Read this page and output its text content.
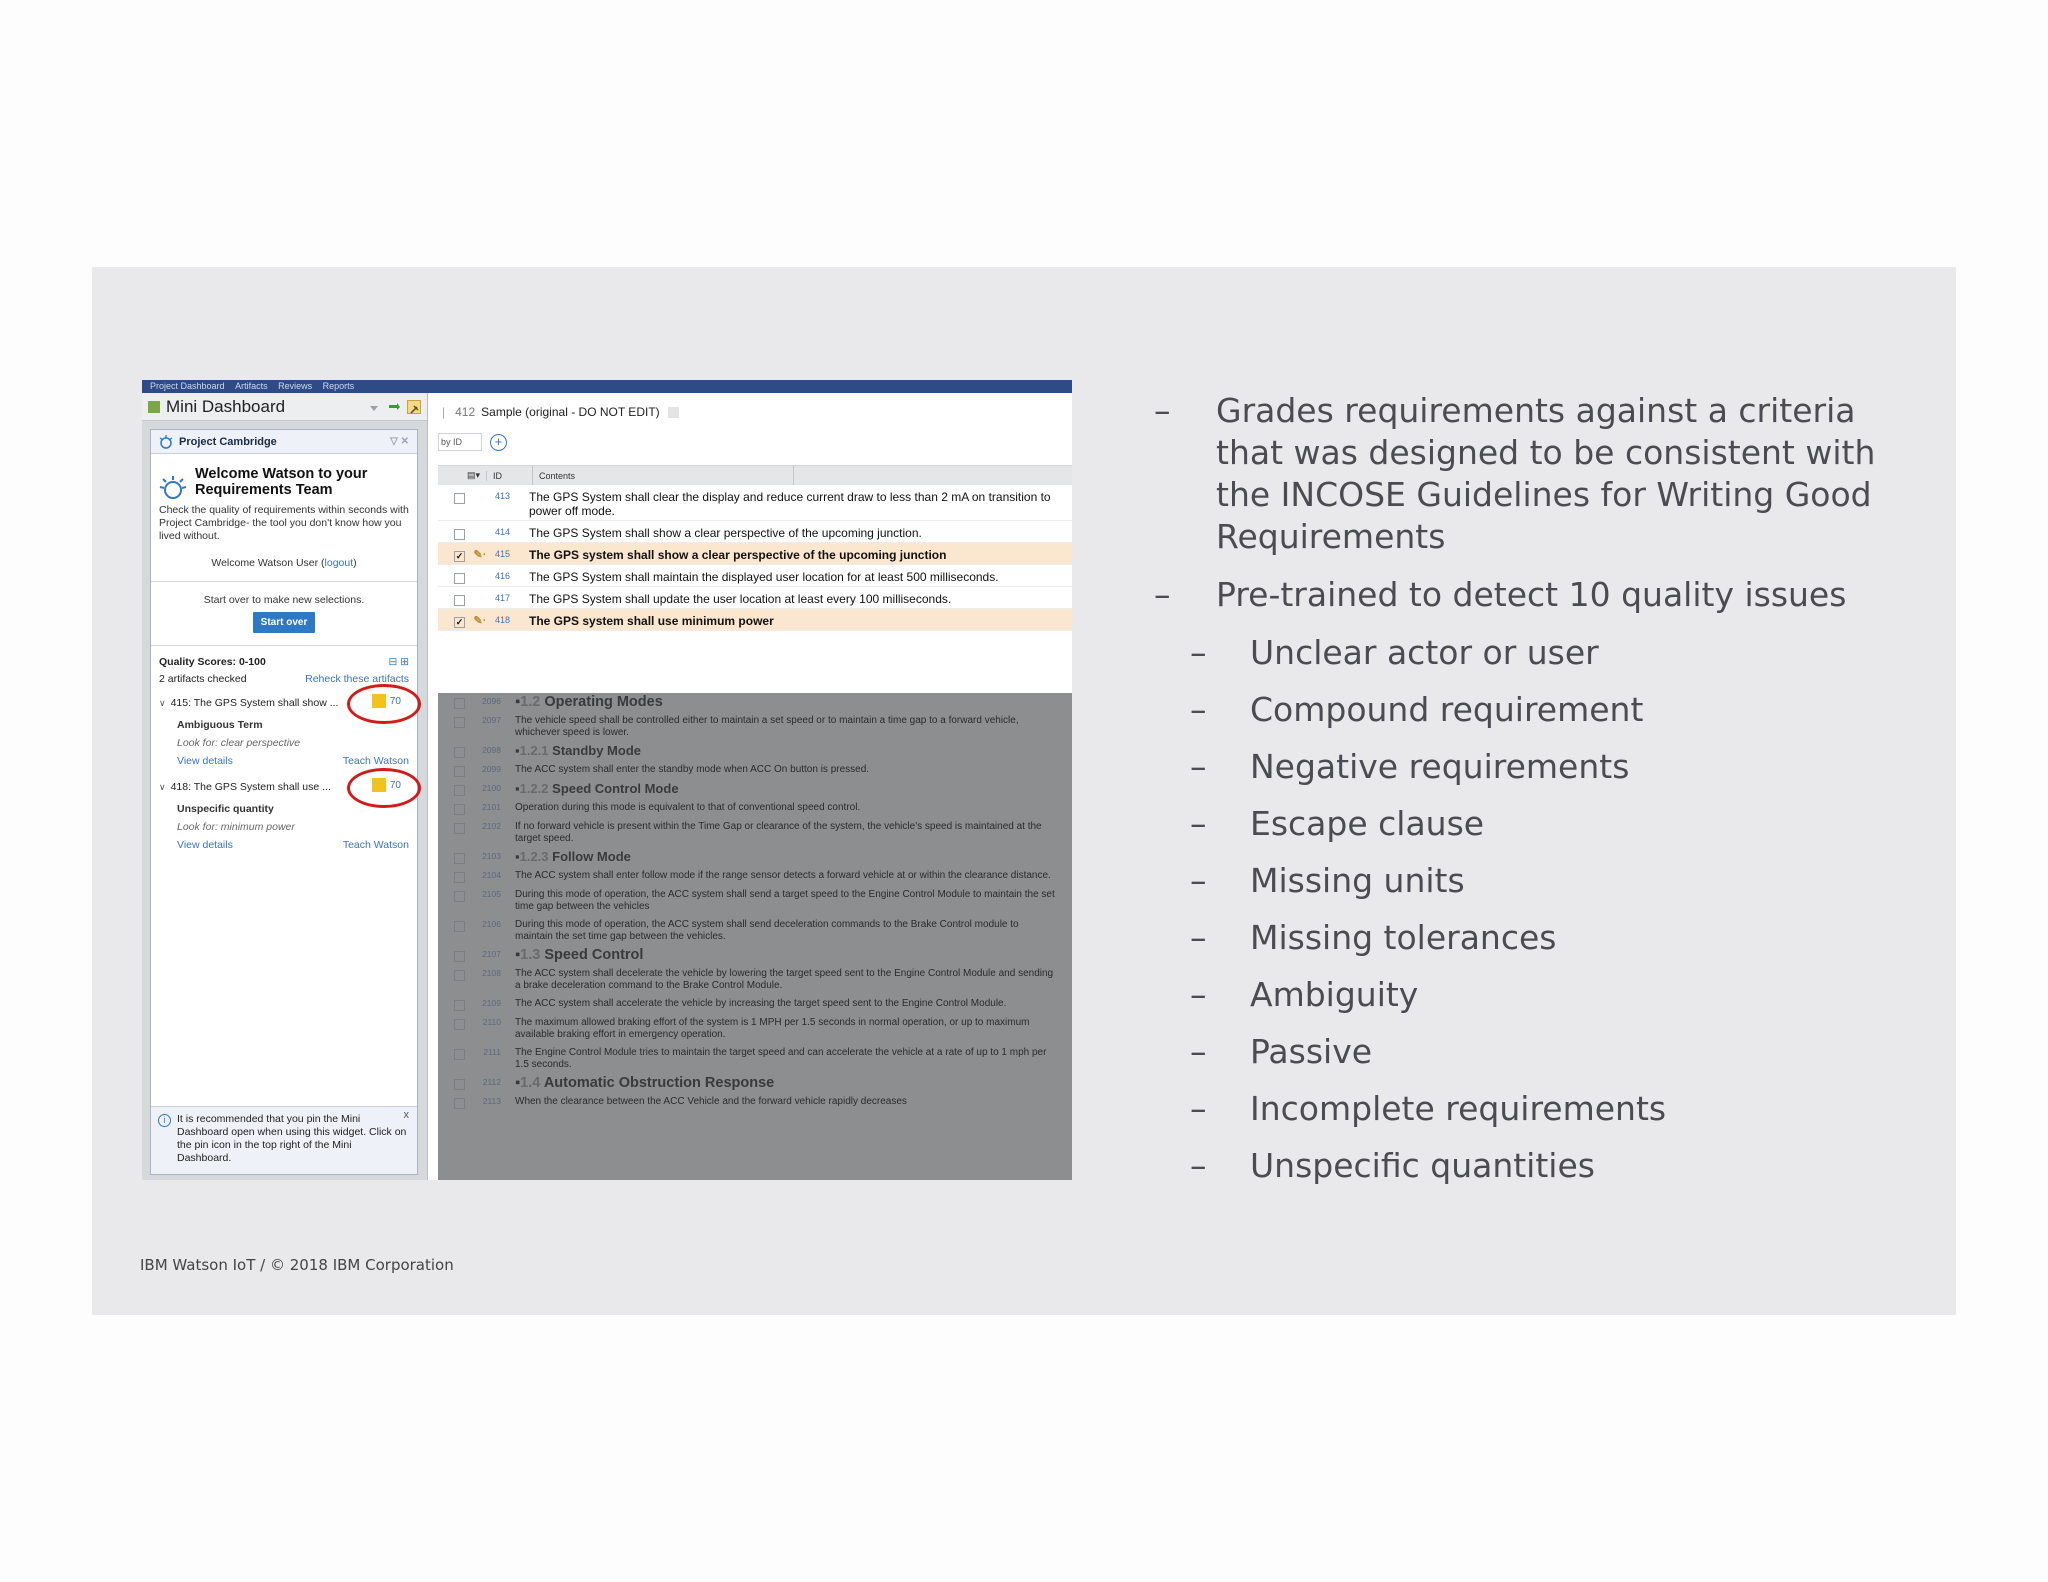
Project Dashboard Artifacts Reviews Reports
Mini Dashboard
Project Cambridge	▽ ✕
Welcome Watson to your Requirements Team

Check the quality of requirements within seconds with Project Cambridge- the tool you don't know how you lived without.

Welcome Watson User (logout)
Start over to make new selections.
Start over
Quality Scores: 0-100	⊟ ⊞
2 artifacts checked	Reheck these artifacts
∨ 415: The GPS System shall show ...	70
Ambiguous Term
Look for: clear perspective
View details	Teach Watson
∨ 418: The GPS System shall use ...	70
Unspecific quantity
Look for: minimum power
View details	Teach Watson
i	It is recommended that you pin the Mini Dashboard open when using this widget. Click on the pin icon in the top right of the Mini Dashboard.
x
| 412 Sample (original - DO NOT EDIT)
by ID	+
▤▾	ID	Contents
413	The GPS System shall clear the display and reduce current draw to less than 2 mA on transition to power off mode.
414	The GPS System shall show a clear perspective of the upcoming junction.
✓ ✎· 415	The GPS system shall show a clear perspective of the upcoming junction
416	The GPS System shall maintain the displayed user location for at least 500 milliseconds.
417	The GPS System shall update the user location at least every 100 milliseconds.
✓ ✎· 418	The GPS system shall use minimum power
2096 ▪1.2 Operating Modes
2097	The vehicle speed shall be controlled either to maintain a set speed or to maintain a time gap to a forward vehicle, whichever speed is lower.
2098	▪1.2.1 Standby Mode
2099	The ACC system shall enter the standby mode when ACC On button is pressed.
2100	▪1.2.2 Speed Control Mode
2101	Operation during this mode is equivalent to that of conventional speed control.
2102	If no forward vehicle is present within the Time Gap or clearance of the system, the vehicle's speed is maintained at the target speed.
2103	▪1.2.3 Follow Mode
2104	The ACC system shall enter follow mode if the range sensor detects a forward vehicle at or within the clearance distance.
2105	During this mode of operation, the ACC system shall send a target speed to the Engine Control Module to maintain the set time gap between the vehicles
2106	During this mode of operation, the ACC system shall send deceleration commands to the Brake Control module to maintain the set time gap between the vehicles.
2107 ▪1.3 Speed Control
2108	The ACC system shall decelerate the vehicle by lowering the target speed sent to the Engine Control Module and sending a brake deceleration command to the Brake Control Module.
2109	The ACC system shall accelerate the vehicle by increasing the target speed sent to the Engine Control Module.
2110	The maximum allowed braking effort of the system is 1 MPH per 1.5 seconds in normal operation, or up to maximum available braking effort in emergency operation.
2111	The Engine Control Module tries to maintain the target speed and can accelerate the vehicle at a rate of up to 1 mph per 1.5 seconds.
2112 ▪1.4 Automatic Obstruction Response
2113	When the clearance between the ACC Vehicle and the forward vehicle rapidly decreases
– Grades requirements against a criteria that was designed to be consistent with the INCOSE Guidelines for Writing Good Requirements
– Pre-trained to detect 10 quality issues
– Unclear actor or user
– Compound requirement
– Negative requirements
– Escape clause
– Missing units
– Missing tolerances
– Ambiguity
– Passive
– Incomplete requirements
– Unspecific quantities
IBM Watson IoT / © 2018 IBM Corporation
